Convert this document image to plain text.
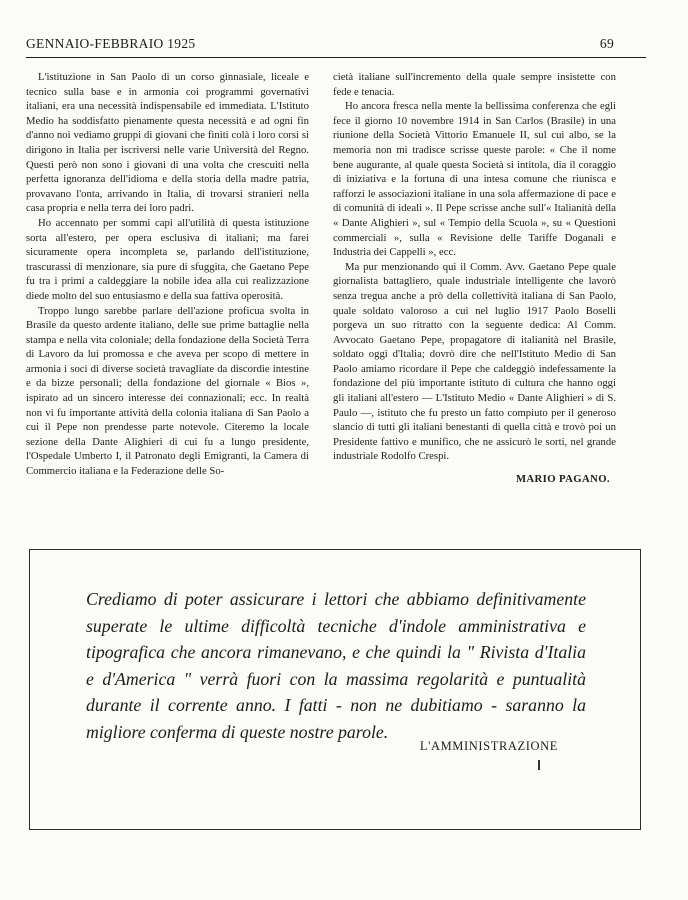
GENNAIO-FEBBRAIO 1925	69

L'istituzione in San Paolo di un corso ginnasiale, liceale e tecnico sulla base e in armonia coi programmi governativi italiani, era una necessità indispensabile ed immediata. L'Istituto Medio ha soddisfatto pienamente questa necessità e ad ogni fin d'anno noi vediamo gruppi di giovani che finiti colà i loro corsi si dirigono in Italia per iscriversi nelle varie Università del Regno. Questi però non sono i giovani di una volta che crescuiti nella perfetta ignoranza dell'idioma e della storia della madre patria, provavano l'onta, arrivando in Italia, di trovarsi stranieri nella casa propria e nella terra dei loro padri.

Ho accennato per sommi capi all'utilità di questa istituzione sorta all'estero, per opera esclusiva di italiani; ma farei sicuramente opera incompleta se, parlando dell'istituzione, trascurassi di menzionare, sia pure di sfuggita, che Gaetano Pepe fu tra i primi a caldeggiare la nobile idea alla cui realizzazione diede molto del suo entusiasmo e della sua fattiva operosità.

Troppo lungo sarebbe parlare dell'azione proficua svolta in Brasile da questo ardente italiano, delle sue prime battaglie nella stampa e nella vita coloniale; della fondazione della Società Terra di Lavoro da lui promossa e che aveva per scopo di mettere in armonia i soci di diverse società travagliate da discordie intestine e da bizze personali; della fondazione del giornale « Bios », ispirato ad un sincero interesse dei connazionali; ecc. In realtà non vi fu importante attività della colonia italiana di San Paolo a cui il Pepe non prendesse parte notevole. Citeremo la locale sezione della Dante Alighieri di cui fu a lungo presidente, l'Ospedale Umberto I, il Patronato degli Emigranti, la Camera di Commercio italiana e la Federazione delle So-

cietà italiane sull'incremento della quale sempre insistette con fede e tenacia.

Ho ancora fresca nella mente la bellissima conferenza che egli fece il giorno 10 novembre 1914 in San Carlos (Brasile) in una riunione della Società Vittorio Emanuele II, sul cui albo, se la memoria non mi tradisce scrisse queste parole: « Che il nome bene augurante, al quale questa Società si intitola, dia il coraggio di iniziativa e la fortuna di una intesa comune che riunisca e rafforzi le associazioni italiane in una sola affermazione di pace e di comunità di ideali ». Il Pepe scrisse anche sull'« Italianità della « Dante Alighieri », sul « Tempio della Scuola », su « Questioni commerciali », sulla « Revisione delle Tariffe Doganali e Industria dei Cappelli », ecc.

Ma pur menzionando qui il Comm. Avv. Gaetano Pepe quale giornalista battagliero, quale industriale intelligente che lavorò senza tregua anche a prò della collettività italiana di San Paolo, quale soldato valoroso a cui nel luglio 1917 Paolo Boselli porgeva un suo ritratto con la seguente dedica: Al Comm. Avvocato Gaetano Pepe, propagatore di italianità nel Brasile, soldato oggi d'Italia; dovrò dire che nell'Istituto Medio di San Paolo amiamo ricordare il Pepe che caldeggiò indefessamente la fondazione del più importante istituto di cultura che hanno oggi gli italiani all'estero — L'Istituto Medio « Dante Alighieri » di S. Paulo —, istituto che fu presto un fatto compiuto per il generoso slancio di tutti gli italiani benestanti di quella città e trovò poi un Presidente fattivo e munifico, che ne assicurò le sorti, nel grande industriale Rodolfo Crespi.

MARIO PAGANO.

Crediamo di poter assicurare i lettori che abbiamo definitivamente superate le ultime difficoltà tecniche d'indole amministrativa e tipografica che ancora rimanevano, e che quindi la " Rivista d'Italia e d'America " verrà fuori con la massima regolarità e puntualità durante il corrente anno. I fatti - non ne dubitiamo - saranno la migliore conferma di queste nostre parole.
L'AMMINISTRAZIONE
